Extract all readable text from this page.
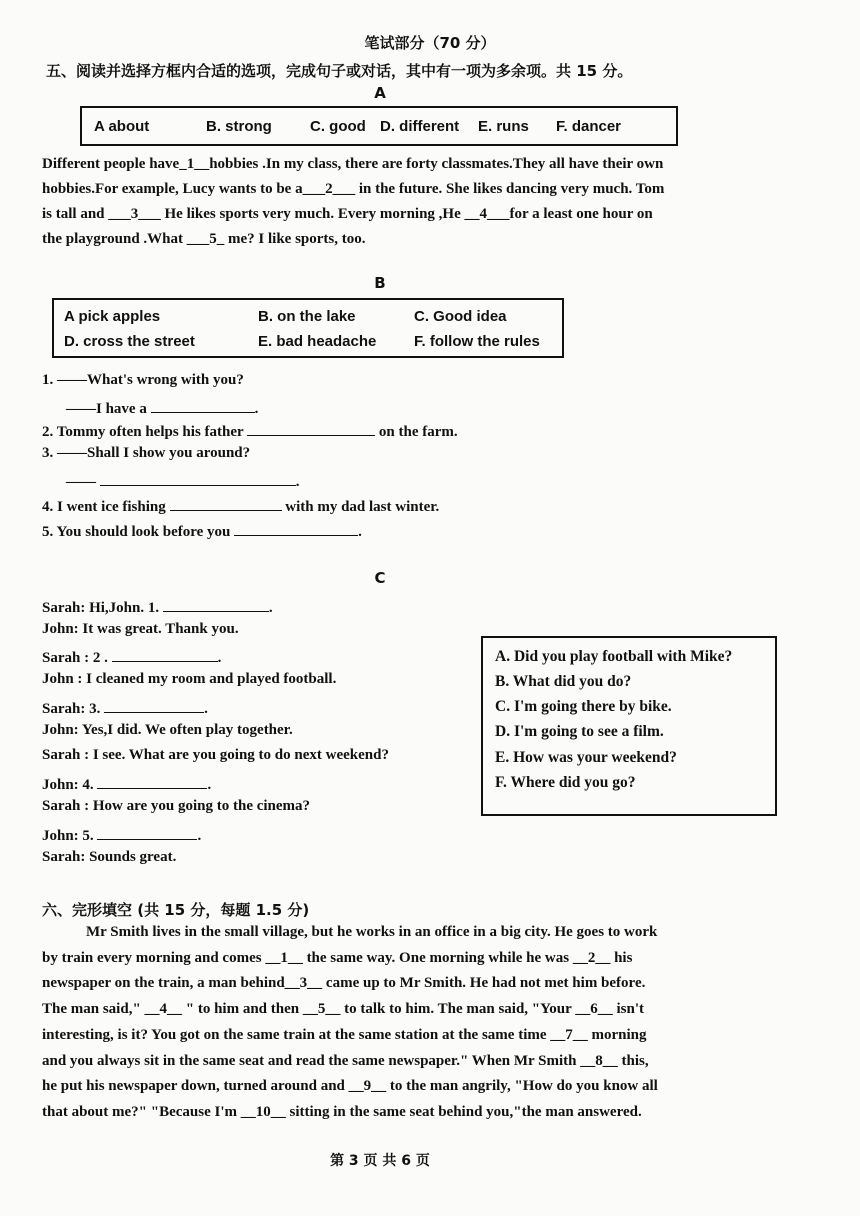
笔试部分（70 分）
五、阅读并选择方框内合适的选项，完成句子或对话，其中有一项为多余项。共 15 分。
A
A about	B. strong	C. good D. different E. runs F. dancer

Different people have_1__hobbies .In my class, there are forty classmates.They all have their own

hobbies.For example, Lucy wants to be a___2___ in the future. She likes dancing very much. Tom

is tall and ___3___ He likes sports very much. Every morning ,He __4___for a least one hour on

the playground .What ___5_ me? I like sports, too.

B
A pick apples	B. on the lake	C. Good idea
D. cross the street	E. bad headache	F. follow the rules
1. ——What's wrong with you?
——I have a	.
2. Tommy often helps his father	on the farm.
3. ——Shall I show you around?
——	.
4. I went ice fishing	with my dad last winter.
5. You should look before you	.
C
Sarah: Hi,John. 1.	.
John: It was great. Thank you.
Sarah : 2 .	.
John : I cleaned my room and played football.
Sarah: 3.	.
John: Yes,I did. We often play together.
Sarah : I see. What are you going to do next weekend?
John: 4.	.
Sarah : How are you going to the cinema?
John: 5.	.
Sarah: Sounds great.
A. Did you play football with Mike?
B. What did you do?
C. I'm going there by bike.
D. I'm going to see a film.
E. How was your weekend?
F. Where did you go?
六、完形填空 (共 15 分，每题 1.5 分)

Mr Smith lives in the small village, but he works in an office in a big city. He goes to work

by train every morning and comes __1__ the same way. One morning while he was __2__ his

newspaper on the train, a man behind__3__ came up to Mr Smith. He had not met him before.

The man said," __4__ " to him and then __5__ to talk to him. The man said, "Your __6__ isn't

interesting, is it? You got on the same train at the same station at the same time __7__ morning

and you always sit in the same seat and read the same newspaper." When Mr Smith __8__ this,

he put his newspaper down, turned around and __9__ to the man angrily, "How do you know all

that about me?" "Because I'm __10__ sitting in the same seat behind you,"the man answered.

第 3 页 共 6 页
